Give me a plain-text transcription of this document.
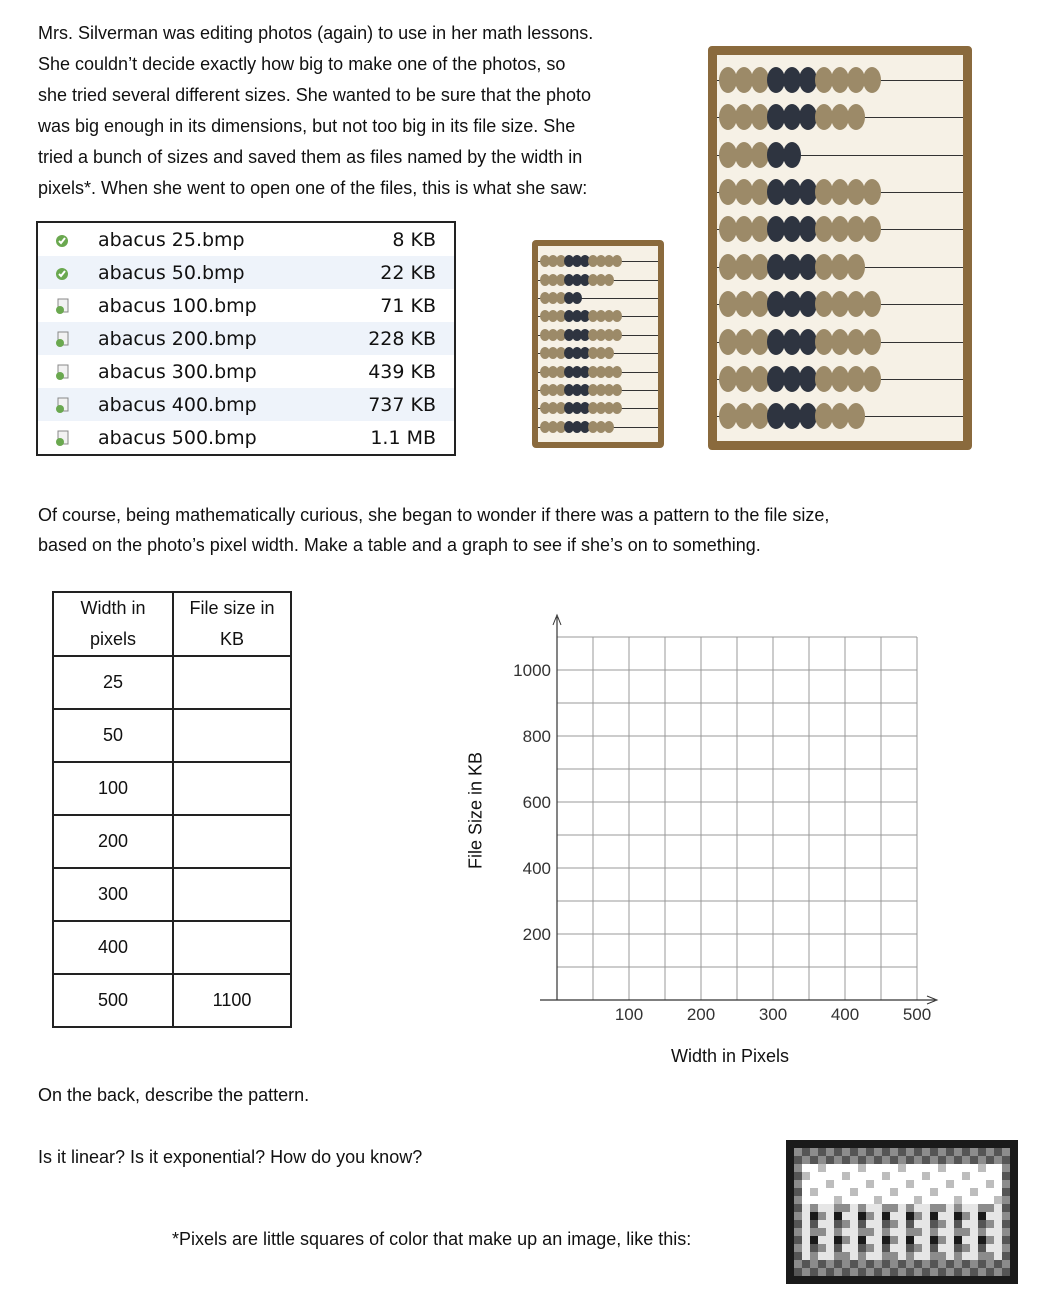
Mrs. Silverman was editing photos (again) to use in her math lessons.

She couldn’t decide exactly how big to make one of the photos, so

she tried several different sizes. She wanted to be sure that the photo

was big enough in its dimensions, but not too big in its file size. She

tried a bunch of sizes and saved them as files named by the width in

pixels*. When she went to open one of the files, this is what she saw:

abacus 25.bmp	8 KB
abacus 50.bmp	22 KB
abacus 100.bmp	71 KB
abacus 200.bmp	228 KB
abacus 300.bmp	439 KB
abacus 400.bmp	737 KB
abacus 500.bmp	1.1 MB

Of course, being mathematically curious, she began to wonder if there was a pattern to the file size,

based on the photo’s pixel width. Make a table and a graph to see if she’s on to something.

Width in
pixels	File size in
KB
25	
50	
100	
200	
300	
400	
500	1100
File Size in KB
200
400
600
800
1000
100	200	300	400	500
Width in Pixels
On the back, describe the pattern.
Is it linear? Is it exponential? How do you know?
*Pixels are little squares of color that make up an image, like this:
